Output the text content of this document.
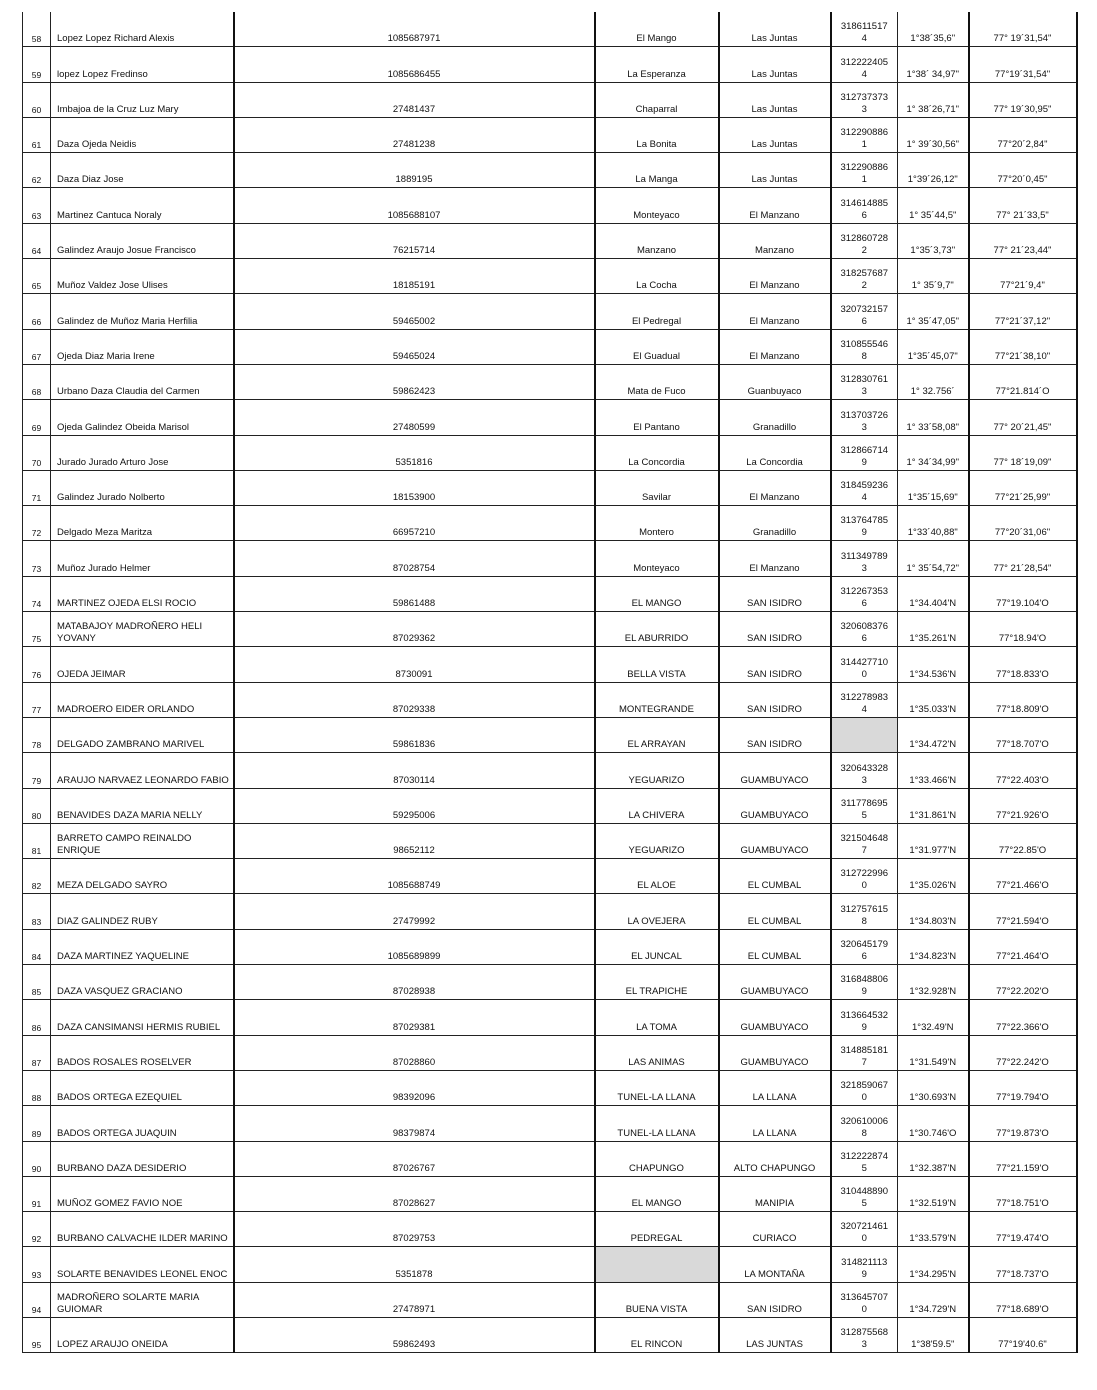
58	Lopez Lopez Richard Alexis	1085687971	El Mango	Las Juntas	3186115174	1°38´35,6"	77° 19´31,54"
59	lopez Lopez Fredinso	1085686455	La Esperanza	Las Juntas	3122224054	1°38´ 34,97"	77°19´31,54"
60	Imbajoa de la Cruz Luz Mary	27481437	Chaparral	Las Juntas	3127373733	1° 38´26,71"	77° 19´30,95"
61	Daza Ojeda Neidis	27481238	La Bonita	Las Juntas	3122908861	1° 39´30,56"	77°20´2,84"
62	Daza Diaz Jose	1889195	La Manga	Las Juntas	3122908861	1°39´26,12"	77°20´0,45"
63	Martinez Cantuca Noraly	1085688107	Monteyaco	El Manzano	3146148856	1° 35´44,5"	77° 21´33,5"
64	Galindez Araujo Josue Francisco	76215714	Manzano	Manzano	3128607282	1°35´3,73"	77° 21´23,44"
65	Muñoz Valdez Jose Ulises	18185191	La Cocha	El Manzano	3182576872	1° 35´9,7"	77°21´9,4"
66	Galindez de Muñoz Maria Herfilia	59465002	El Pedregal	El Manzano	3207321576	1° 35´47,05"	77°21´37,12"
67	Ojeda Diaz Maria Irene	59465024	El Guadual	El Manzano	3108555468	1°35´45,07"	77°21´38,10"
68	Urbano Daza Claudia del Carmen	59862423	Mata de Fuco	Guanbuyaco	3128307613	1° 32.756´	77°21.814´O
69	Ojeda Galindez Obeida Marisol	27480599	El Pantano	Granadillo	3137037263	1° 33´58,08"	77° 20´21,45"
70	Jurado Jurado Arturo Jose	5351816	La Concordia	La Concordia	3128667149	1° 34´34,99"	77° 18´19,09"
71	Galindez Jurado Nolberto	18153900	Savilar	El Manzano	3184592364	1°35´15,69"	77°21´25,99"
72	Delgado Meza Maritza	66957210	Montero	Granadillo	3137647859	1°33´40,88"	77°20´31,06"
73	Muñoz Jurado Helmer	87028754	Monteyaco	El Manzano	3113497893	1° 35´54,72"	77° 21´28,54"
74	MARTINEZ OJEDA ELSI ROCIO	59861488	EL MANGO	SAN ISIDRO	3122673536	1°34.404'N	77°19.104'O
75	MATABAJOY MADROÑERO HELI YOVANY	87029362	EL ABURRIDO	SAN ISIDRO	3206083766	1°35.261'N	77°18.94'O
76	OJEDA JEIMAR	8730091	BELLA VISTA	SAN ISIDRO	3144277100	1°34.536'N	77°18.833'O
77	MADROERO EIDER ORLANDO	87029338	MONTEGRANDE	SAN ISIDRO	3122789834	1°35.033'N	77°18.809'O
78	DELGADO ZAMBRANO MARIVEL	59861836	EL ARRAYAN	SAN ISIDRO		1°34.472'N	77°18.707'O
79	ARAUJO NARVAEZ LEONARDO FABIO	87030114	YEGUARIZO	GUAMBUYACO	3206433283	1°33.466'N	77°22.403'O
80	BENAVIDES DAZA MARIA NELLY	59295006	LA CHIVERA	GUAMBUYACO	3117786955	1°31.861'N	77°21.926'O
81	BARRETO CAMPO REINALDO ENRIQUE	98652112	YEGUARIZO	GUAMBUYACO	3215046487	1°31.977'N	77°22.85'O
82	MEZA DELGADO SAYRO	1085688749	EL ALOE	EL CUMBAL	3127229960	1°35.026'N	77°21.466'O
83	DIAZ GALINDEZ RUBY	27479992	LA OVEJERA	EL CUMBAL	3127576158	1°34.803'N	77°21.594'O
84	DAZA MARTINEZ YAQUELINE	1085689899	EL JUNCAL	EL CUMBAL	3206451796	1°34.823'N	77°21.464'O
85	DAZA VASQUEZ GRACIANO	87028938	EL TRAPICHE	GUAMBUYACO	3168488069	1°32.928'N	77°22.202'O
86	DAZA CANSIMANSI HERMIS RUBIEL	87029381	LA TOMA	GUAMBUYACO	3136645329	1°32.49'N	77°22.366'O
87	BADOS ROSALES ROSELVER	87028860	LAS ANIMAS	GUAMBUYACO	3148851817	1°31.549'N	77°22.242'O
88	BADOS ORTEGA EZEQUIEL	98392096	TUNEL-LA LLANA	LA LLANA	3218590670	1°30.693'N	77°19.794'O
89	BADOS ORTEGA JUAQUIN	98379874	TUNEL-LA LLANA	LA LLANA	3206100068	1°30.746'O	77°19.873'O
90	BURBANO DAZA DESIDERIO	87026767	CHAPUNGO	ALTO CHAPUNGO	3122228745	1°32.387'N	77°21.159'O
91	MUÑOZ GOMEZ FAVIO NOE	87028627	EL MANGO	MANIPIA	3104488905	1°32.519'N	77°18.751'O
92	BURBANO CALVACHE ILDER MARINO	87029753	PEDREGAL	CURIACO	3207214610	1°33.579'N	77°19.474'O
93	SOLARTE BENAVIDES LEONEL ENOC	5351878		LA MONTAÑA	3148211139	1°34.295'N	77°18.737'O
94	MADROÑERO SOLARTE MARIA GUIOMAR	27478971	BUENA VISTA	SAN ISIDRO	3136457070	1°34.729'N	77°18.689'O
95	LOPEZ ARAUJO ONEIDA	59862493	EL RINCON	LAS JUNTAS	3128755683	1°38'59.5"	77°19'40.6"
